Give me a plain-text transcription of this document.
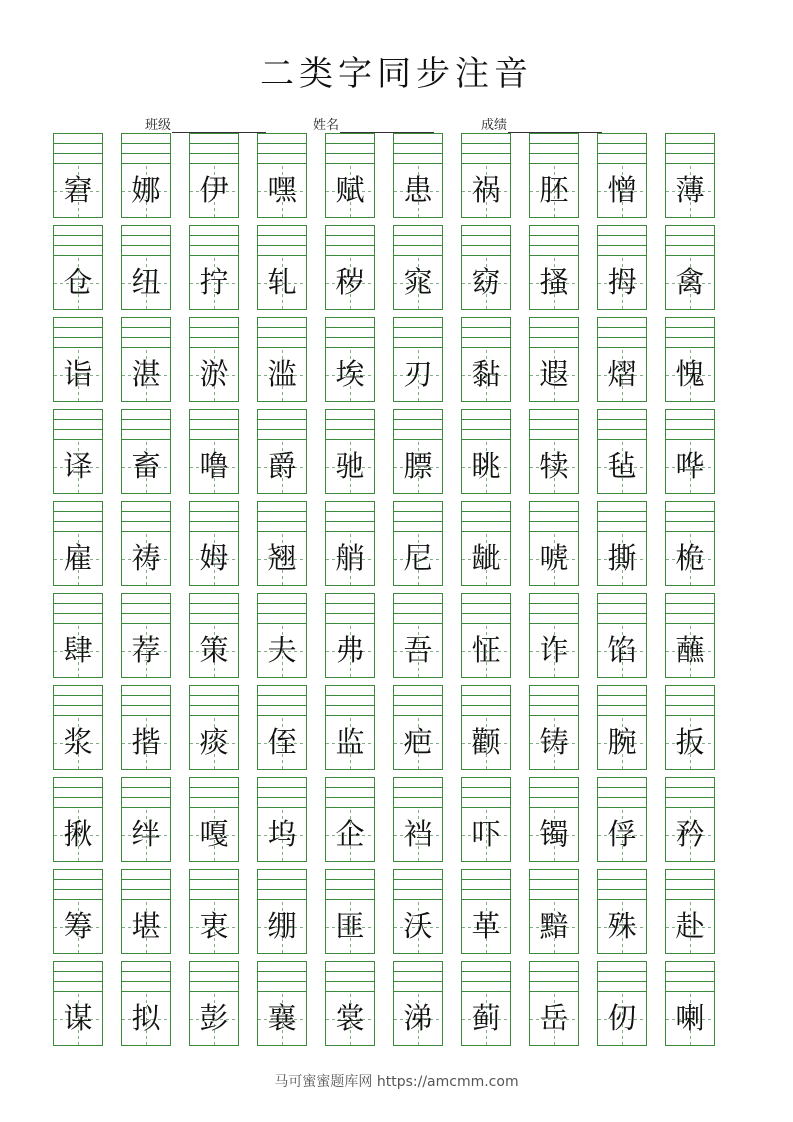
二类字同步注音
班级	姓名	成绩
窘 娜 伊 嘿 赋 患 祸 胚 憎 薄
仓 纽 拧 轧 秽 窕 窈 搔 拇 禽
诣 湛 淤 滥 埃 刃 黏 遐 熠 愧
译 畜 噜 爵 驰 膘 眺 犊 毡 哗
雇 祷 姆 翘 艄 尼 龇 唬 撕 桅
肆 荐 策 夫 弗 吾 怔 诈 馅 蘸
浆 揩 痰 侄 监 疤 颧 铸 腕 扳
揪 绊 嘎 坞 企 裆 吓 镯 俘 矜
筹 堪 衷 绷 匪 沃 革 黯 殊 赴
谋 拟 彭 襄 裳 涕 蓟 岳 仞 喇
马可蜜蜜题库网 https://amcmm.com
